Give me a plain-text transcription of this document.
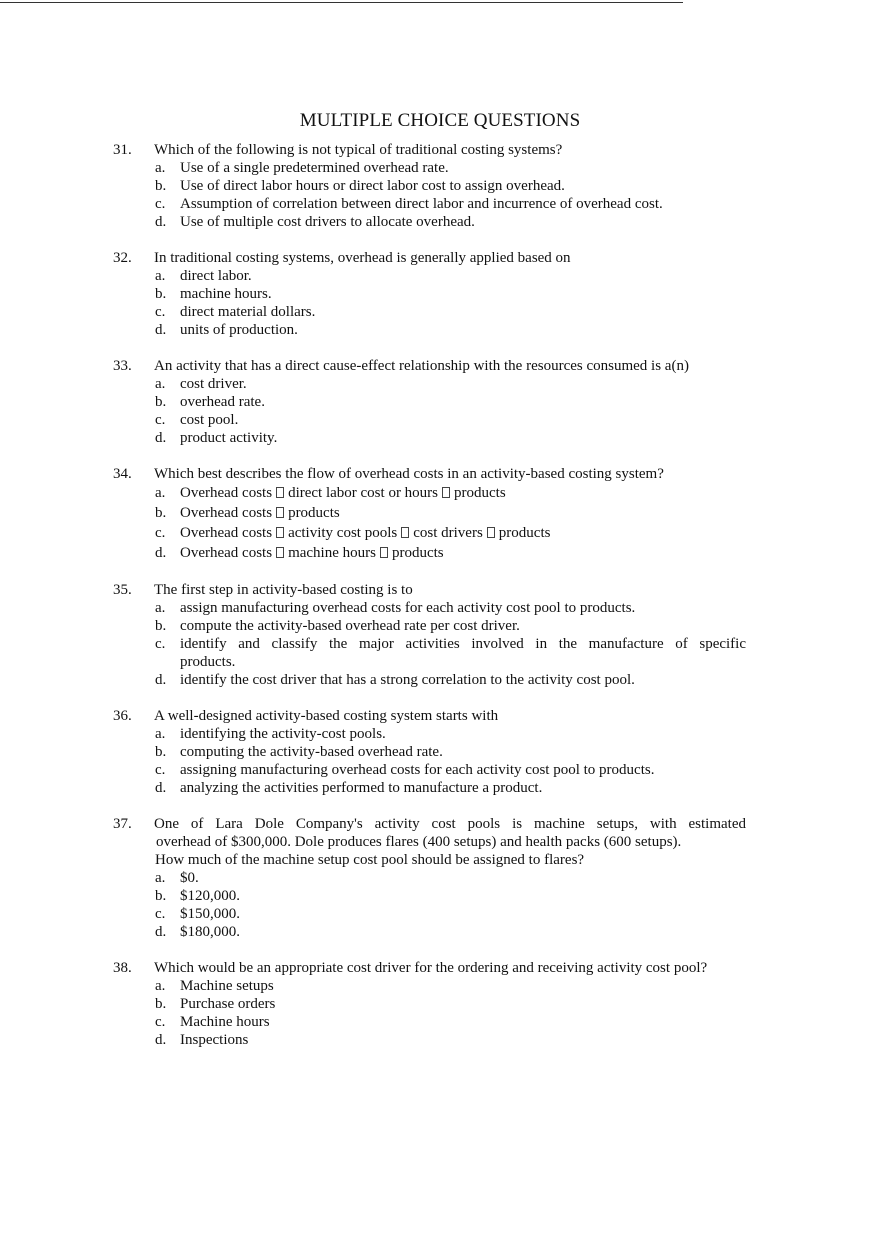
MULTIPLE CHOICE QUESTIONS
31. Which of the following is not typical of traditional costing systems?
a. Use of a single predetermined overhead rate.
b. Use of direct labor hours or direct labor cost to assign overhead.
c. Assumption of correlation between direct labor and incurrence of overhead cost.
d. Use of multiple cost drivers to allocate overhead.
32. In traditional costing systems, overhead is generally applied based on
a. direct labor.
b. machine hours.
c. direct material dollars.
d. units of production.
33. An activity that has a direct cause-effect relationship with the resources consumed is a(n)
a. cost driver.
b. overhead rate.
c. cost pool.
d. product activity.
34. Which best describes the flow of overhead costs in an activity-based costing system?
a. Overhead costs direct labor cost or hours products
b. Overhead costs products
c. Overhead costs activity cost pools cost drivers products
d. Overhead costs machine hours products
35. The first step in activity-based costing is to
a. assign manufacturing overhead costs for each activity cost pool to products.
b. compute the activity-based overhead rate per cost driver.
c. identify and classify the major activities involved in the manufacture of specific
products.
d. identify the cost driver that has a strong correlation to the activity cost pool.
36. A well-designed activity-based costing system starts with
a. identifying the activity-cost pools.
b. computing the activity-based overhead rate.
c. assigning manufacturing overhead costs for each activity cost pool to products.
d. analyzing the activities performed to manufacture a product.
37. One of Lara Dole Company's activity cost pools is machine setups, with estimated
overhead of $300,000. Dole produces flares (400 setups) and health packs (600 setups).
How much of the machine setup cost pool should be assigned to flares?
a. $0.
b. $120,000.
c. $150,000.
d. $180,000.
38. Which would be an appropriate cost driver for the ordering and receiving activity cost pool?
a. Machine setups
b. Purchase orders
c. Machine hours
d. Inspections
